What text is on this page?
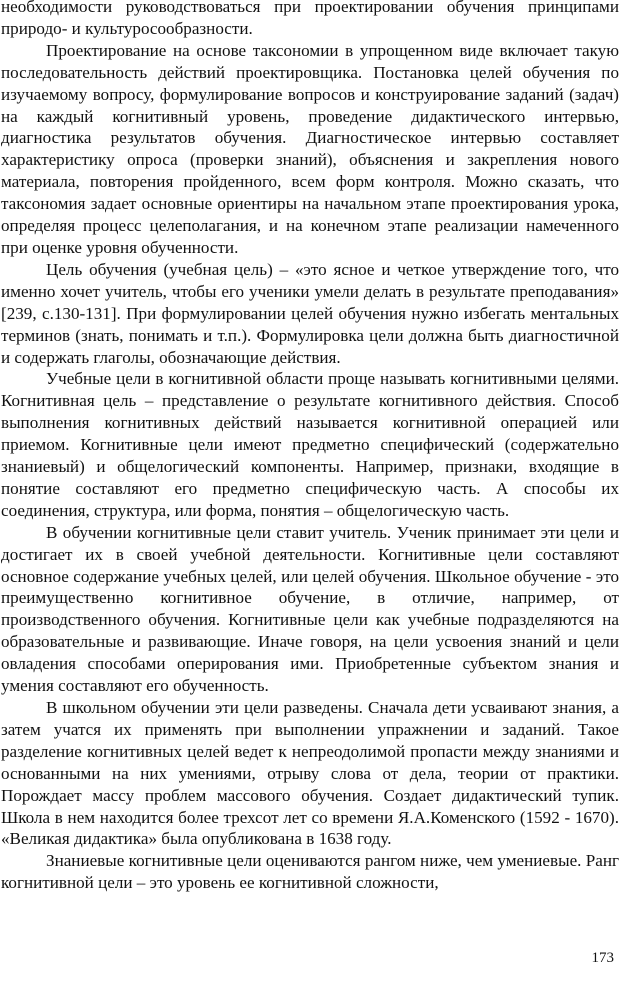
необходимости руководствоваться при проектировании обучения принципами природо- и культуросообразности.

Проектирование на основе таксономии в упрощенном виде включает такую последовательность действий проектировщика. Постановка целей обучения по изучаемому вопросу, формулирование вопросов и конструирование заданий (задач) на каждый когнитивный уровень, проведение дидактического интервью, диагностика результатов обучения. Диагностическое интервью составляет характеристику опроса (проверки знаний), объяснения и закрепления нового материала, повторения пройденного, всем форм контроля. Можно сказать, что таксономия задает основные ориентиры на начальном этапе проектирования урока, определяя процесс целеполагания, и на конечном этапе реализации намеченного при оценке уровня обученности.

Цель обучения (учебная цель) – «это ясное и четкое утверждение того, что именно хочет учитель, чтобы его ученики умели делать в результате преподавания» [239, с.130-131]. При формулировании целей обучения нужно избегать ментальных терминов (знать, понимать и т.п.). Формулировка цели должна быть диагностичной и содержать глаголы, обозначающие действия.

Учебные цели в когнитивной области проще называть когнитивными целями. Когнитивная цель – представление о результате когнитивного действия. Способ выполнения когнитивных действий называется когнитивной операцией или приемом. Когнитивные цели имеют предметно специфический (содержательно знаниевый) и общелогический компоненты. Например, признаки, входящие в понятие составляют его предметно специфическую часть. А способы их соединения, структура, или форма, понятия – общелогическую часть.

В обучении когнитивные цели ставит учитель. Ученик принимает эти цели и достигает их в своей учебной деятельности. Когнитивные цели составляют основное содержание учебных целей, или целей обучения. Школьное обучение - это преимущественно когнитивное обучение, в отличие, например, от производственного обучения. Когнитивные цели как учебные подразделяются на образовательные и развивающие. Иначе говоря, на цели усвоения знаний и цели овладения способами оперирования ими. Приобретенные субъектом знания и умения составляют его обученность.

В школьном обучении эти цели разведены. Сначала дети усваивают знания, а затем учатся их применять при выполнении упражнении и заданий. Такое разделение когнитивных целей ведет к непреодолимой пропасти между знаниями и основанными на них умениями, отрыву слова от дела, теории от практики. Порождает массу проблем массового обучения. Создает дидактический тупик. Школа в нем находится более трехсот лет со времени Я.А.Коменского (1592 - 1670). «Великая дидактика» была опубликована в 1638 году.

Знаниевые когнитивные цели оцениваются рангом ниже, чем умениевые. Ранг когнитивной цели – это уровень ее когнитивной сложности,

173
